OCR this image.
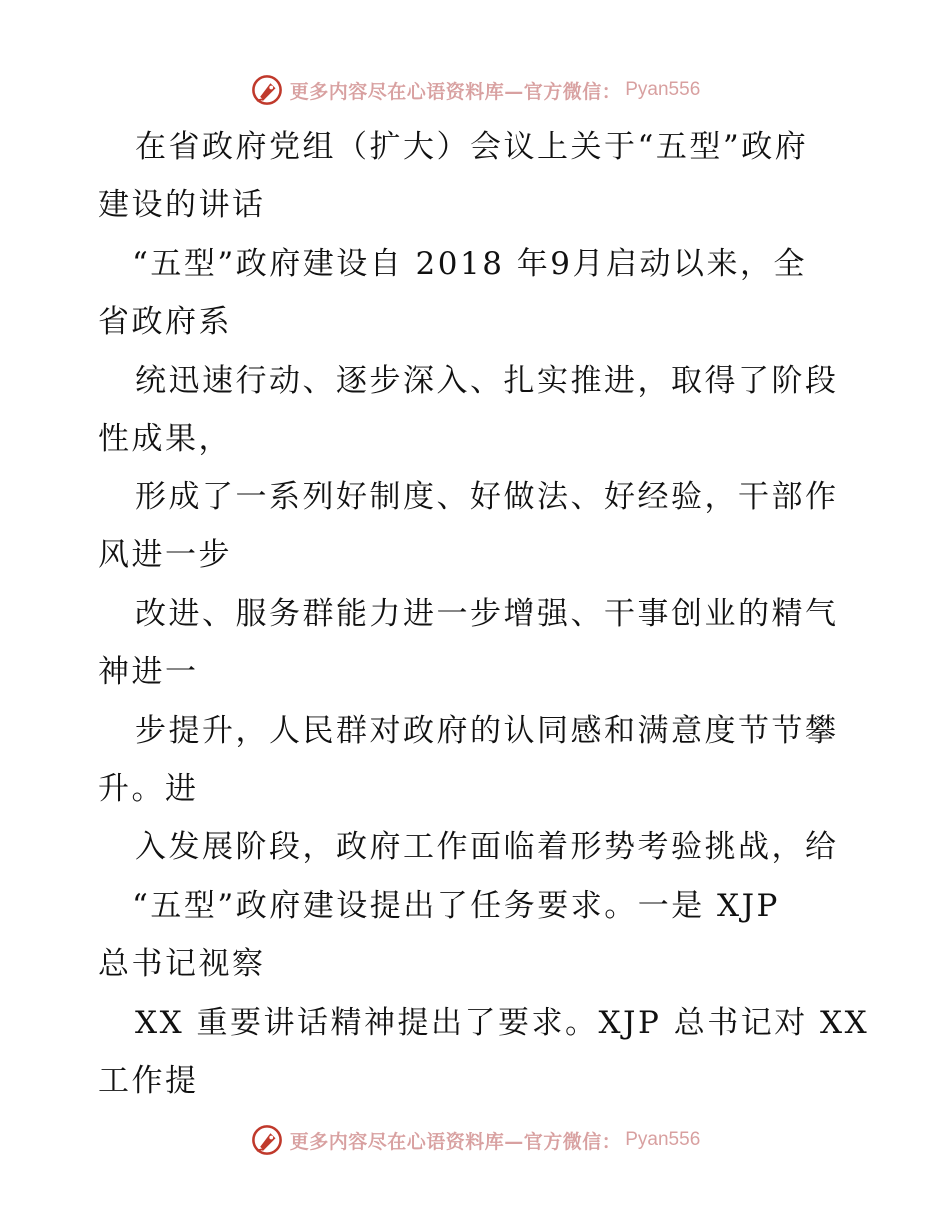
更多内容尽在心语资料库—官方微信： Pyan556
在省政府党组（扩大）会议上关于“五型”政府
建设的讲话
“五型”政府建设自 2018 年9月启动以来，全
省政府系
统迅速行动、逐步深入、扎实推进，取得了阶段
性成果，
形成了一系列好制度、好做法、好经验，干部作
风进一步
改进、服务群能力进一步增强、干事创业的精气
神进一
步提升，人民群对政府的认同感和满意度节节攀
升。进
入发展阶段，政府工作面临着形势考验挑战，给
“五型”政府建设提出了任务要求。一是 XJP
总书记视察
XX 重要讲话精神提出了要求。XJP 总书记对 XX
工作提
更多内容尽在心语资料库—官方微信： Pyan556
